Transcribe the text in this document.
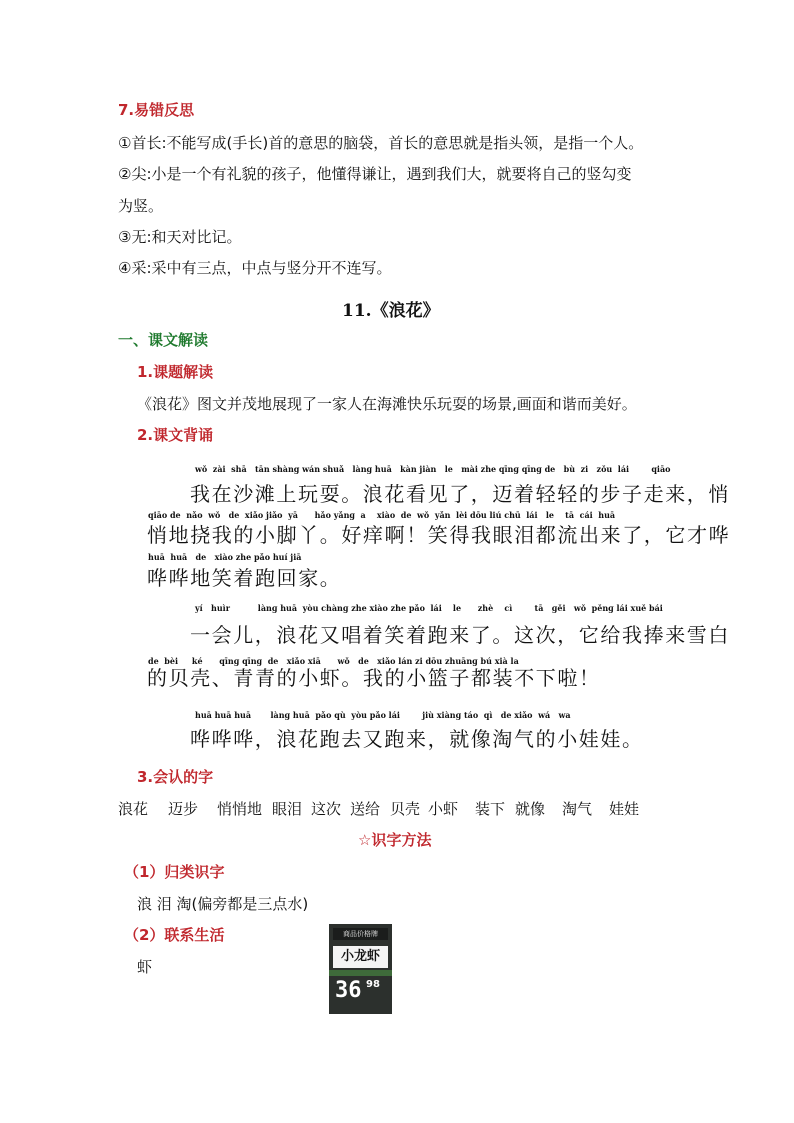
7.易错反思
①首长:不能写成(手长)首的意思的脑袋，首长的意思就是指头领，是指一个人。
②尖:小是一个有礼貌的孩子，他懂得谦让，遇到我们大，就要将自己的竖勾变
为竖。
③无:和天对比记。
④采:采中有三点，中点与竖分开不连写。
11.《浪花》
一、课文解读
1.课题解读
《浪花》图文并茂地展现了一家人在海滩快乐玩耍的场景,画面和谐而美好。
2.课文背诵
wǒ  zài  shā   tān shàng wán shuǎ   lànɡ huā   kàn jiàn   le   mài zhe qīnɡ qīnɡ de   bù  zi   zǒu  lái        qiāo
我在沙滩上玩耍。浪花看见了，迈着轻轻的步子走来，悄
qiāo de  nǎo  wǒ   de  xiǎo jiǎo  yā      hǎo yǎnɡ  a    xiào  de  wǒ  yǎn  lèi dōu liú chū  lái   le    tā  cái  huā
悄地挠我的小脚丫。好痒啊！笑得我眼泪都流出来了，它才哗
huā  huā   de   xiào zhe pǎo huí jiā
哗哗地笑着跑回家。
yí   huìr          lànɡ huā  yòu chànɡ zhe xiào zhe pǎo  lái    le      zhè    cì        tā   ɡěi   wǒ  pěnɡ lái xuě bái
一会儿，浪花又唱着笑着跑来了。这次，它给我捧来雪白
de  bèi     ké      qīnɡ qīnɡ  de   xiǎo xiā      wǒ   de   xiǎo lán zi dōu zhuānɡ bú xià la
的贝壳、青青的小虾。我的小篮子都装不下啦！
huā huā huā       lànɡ huā  pǎo qù  yòu pǎo lái        jiù xiànɡ táo  qì   de xiǎo  wá   wa
哗哗哗，浪花跑去又跑来，就像淘气的小娃娃。
3.会认的字
浪花 迈步 悄悄地 眼泪 这次 送给 贝壳 小虾 装下 就像 淘气 娃娃
☆识字方法
（1）归类识字
浪 泪 淘(偏旁都是三点水)
（2）联系生活
虾
商品价格牌
小龙虾
36 98
